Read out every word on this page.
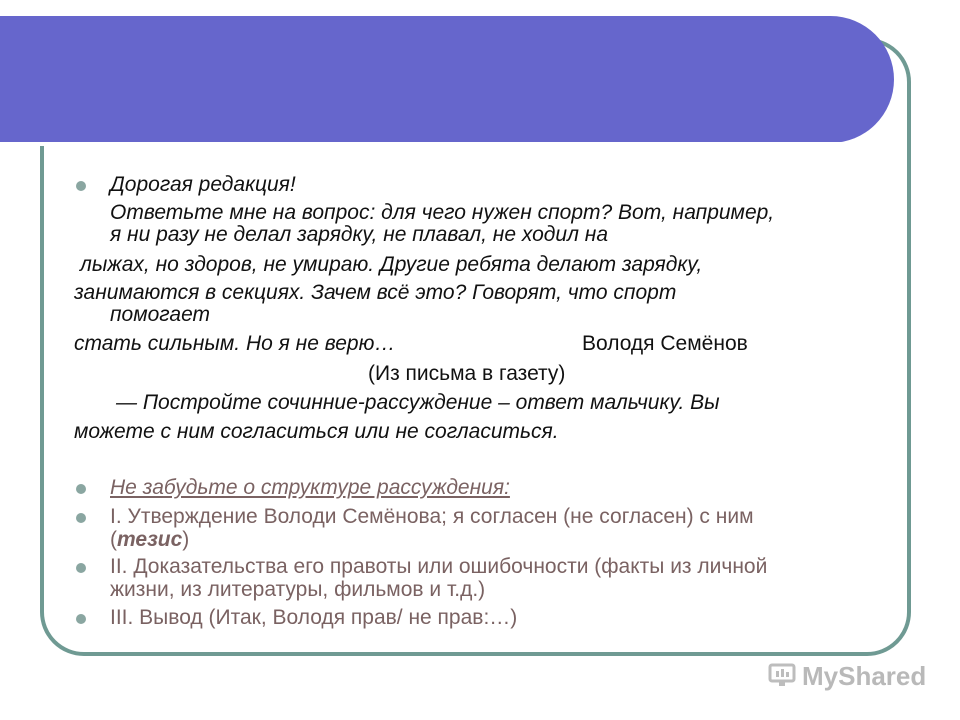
Дорогая редакция!
Ответьте мне на вопрос: для чего нужен спорт? Вот, например,
я ни разу не делал зарядку, не плавал, не ходил на
лыжах, но здоров, не умираю. Другие ребята делают зарядку,
занимаются в секциях. Зачем всё это? Говорят, что спорт
помогает
стать сильным. Но я не верю…	Володя Семёнов
(Из письма в газету)
— Постройте сочинние-рассуждение – ответ мальчику. Вы
можете с ним согласиться или не согласиться.
Не забудьте о структуре рассуждения:
I. Утверждение Володи Семёнова; я согласен (не согласен) с ним
(тезис)
II. Доказательства его правоты или ошибочности (факты из личной
жизни, из литературы, фильмов и т.д.)
III. Вывод (Итак, Володя прав/ не прав:…)
MyShared
